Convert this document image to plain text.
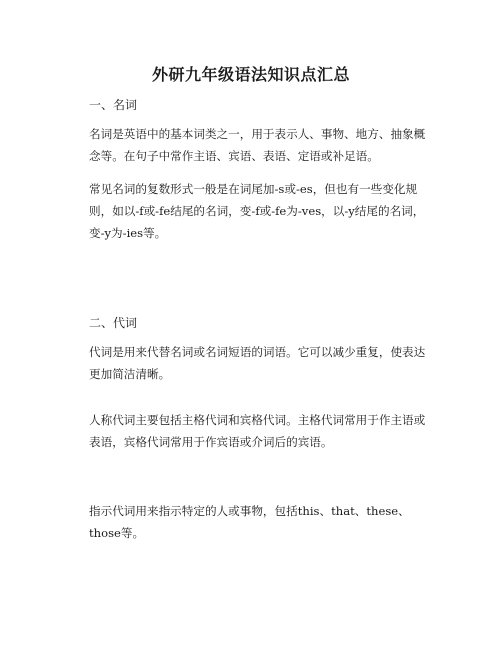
外研九年级语法知识点汇总

一、名词

名词是英语中的基本词类之一，用于表示人、事物、地方、抽象概念等。在句子中常作主语、宾语、表语、定语或补足语。

常见名词的复数形式一般是在词尾加-s或-es，但也有一些变化规则，如以-f或-fe结尾的名词，变-f或-fe为-ves，以-y结尾的名词，变-y为-ies等。

二、代词

代词是用来代替名词或名词短语的词语。它可以减少重复，使表达更加简洁清晰。

人称代词主要包括主格代词和宾格代词。主格代词常用于作主语或表语，宾格代词常用于作宾语或介词后的宾语。

指示代词用来指示特定的人或事物，包括this、that、these、those等。
